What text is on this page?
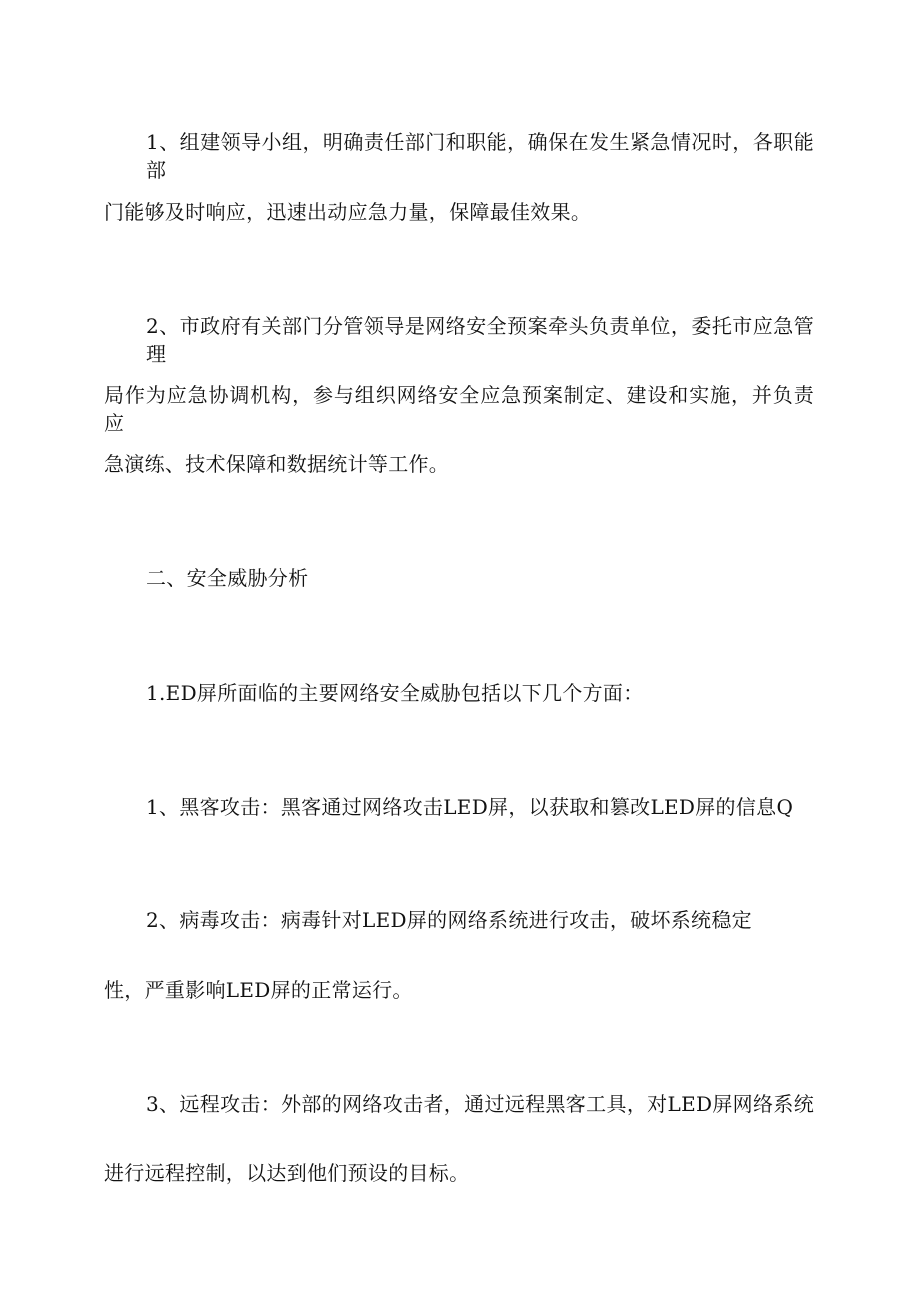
1、组建领导小组，明确责任部门和职能，确保在发生紧急情况时，各职能部
门能够及时响应，迅速出动应急力量，保障最佳效果。
2、市政府有关部门分管领导是网络安全预案牵头负责单位，委托市应急管理
局作为应急协调机构，参与组织网络安全应急预案制定、建设和实施，并负责应
急演练、技术保障和数据统计等工作。
二、安全威胁分析
1.ED屏所面临的主要网络安全威胁包括以下几个方面：
1、黑客攻击：黑客通过网络攻击LED屏，以获取和篡改LED屏的信息Q
2、病毒攻击：病毒针对LED屏的网络系统进行攻击，破坏系统稳定
性，严重影响LED屏的正常运行。
3、远程攻击：外部的网络攻击者，通过远程黑客工具，对LED屏网络系统
进行远程控制，以达到他们预设的目标。
